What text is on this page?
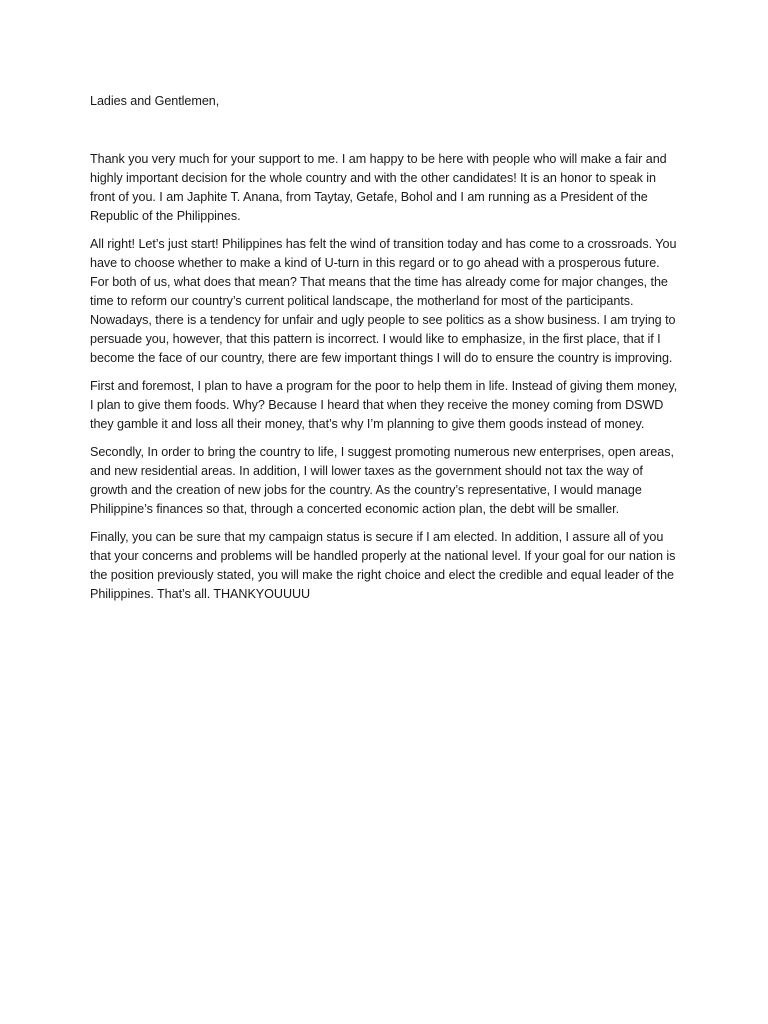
Ladies and Gentlemen,

Thank you very much for your support to me. I am happy to be here with people who will make a fair and highly important decision for the whole country and with the other candidates! It is an honor to speak in front of you. I am Japhite T. Anana, from Taytay, Getafe, Bohol and I am running as a President of the Republic of the Philippines.

All right! Let’s just start! Philippines has felt the wind of transition today and has come to a crossroads. You have to choose whether to make a kind of U-turn in this regard or to go ahead with a prosperous future. For both of us, what does that mean? That means that the time has already come for major changes, the time to reform our country’s current political landscape, the motherland for most of the participants. Nowadays, there is a tendency for unfair and ugly people to see politics as a show business. I am trying to persuade you, however, that this pattern is incorrect. I would like to emphasize, in the first place, that if I become the face of our country, there are few important things I will do to ensure the country is improving.

First and foremost, I plan to have a program for the poor to help them in life. Instead of giving them money, I plan to give them foods. Why? Because I heard that when they receive the money coming from DSWD they gamble it and loss all their money, that’s why I’m planning to give them goods instead of money.

Secondly, In order to bring the country to life, I suggest promoting numerous new enterprises, open areas, and new residential areas. In addition, I will lower taxes as the government should not tax the way of growth and the creation of new jobs for the country. As the country’s representative, I would manage Philippine’s finances so that, through a concerted economic action plan, the debt will be smaller.

Finally, you can be sure that my campaign status is secure if I am elected. In addition, I assure all of you that your concerns and problems will be handled properly at the national level. If your goal for our nation is the position previously stated, you will make the right choice and elect the credible and equal leader of the Philippines. That’s all. THANKYOUUUU
